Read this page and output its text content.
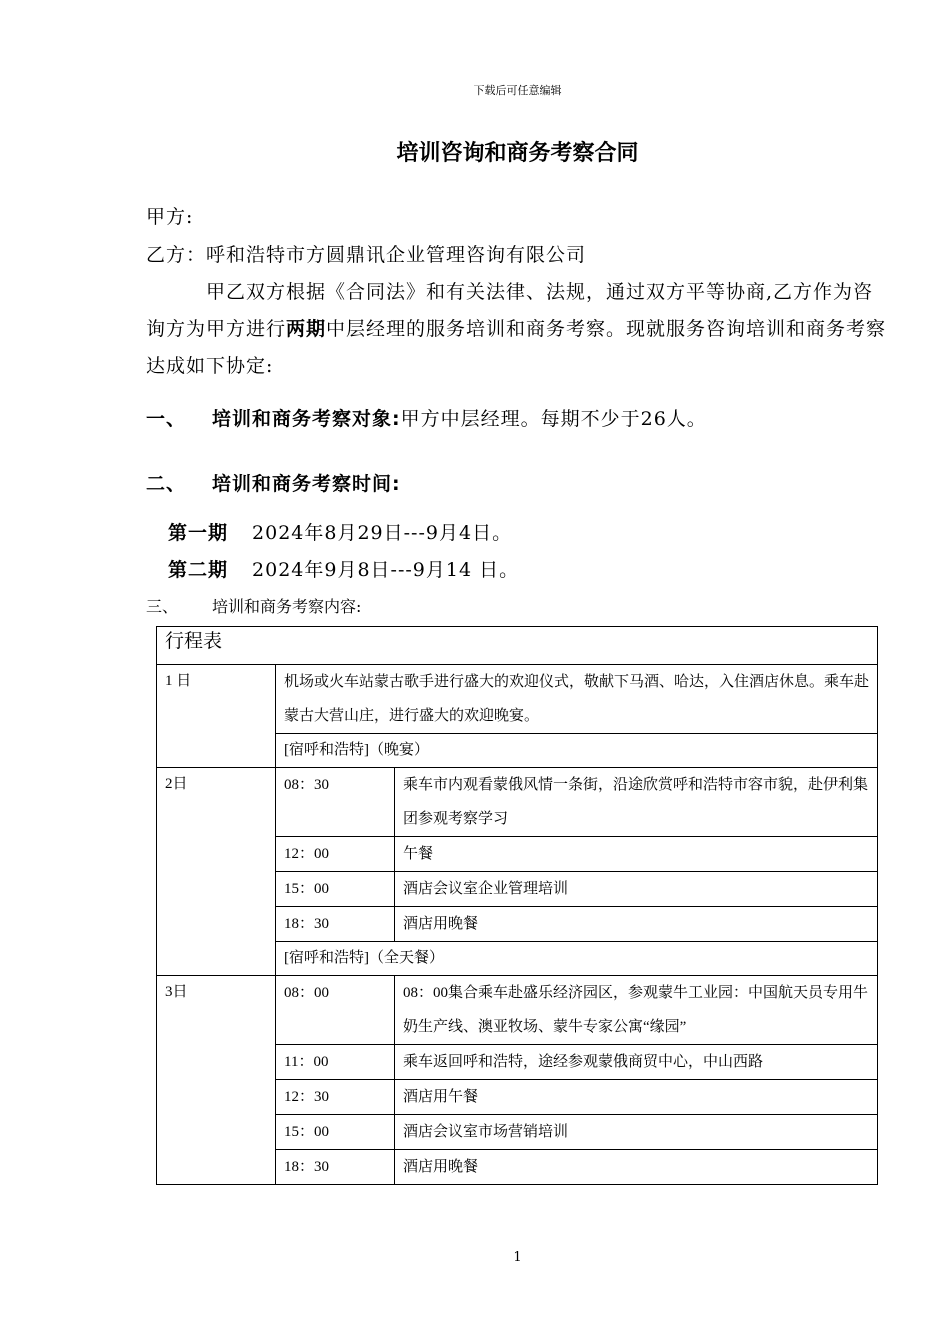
下载后可任意编辑
培训咨询和商务考察合同
甲方:
乙方：呼和浩特市方圆鼎讯企业管理咨询有限公司
甲乙双方根据《合同法》和有关法律、法规，通过双方平等协商,乙方作为咨询方为甲方进行两期中层经理的服务培训和商务考察。现就服务咨询培训和商务考察达成如下协定:
一、 培训和商务考察对象:甲方中层经理。每期不少于26人。
二、 培训和商务考察时间:
第一期 2024年8月29日---9月4日。
第二期 2024年9月8日---9月14 日。
三、 培训和商务考察内容:
行程表		
1 日	机场或火车站蒙古歌手进行盛大的欢迎仪式，敬献下马酒、哈达，入住酒店休息。乘车赴蒙古大营山庄，进行盛大的欢迎晚宴。	
	[宿呼和浩特]（晚宴）	
2日	08：30	乘车市内观看蒙俄风情一条街，沿途欣赏呼和浩特市容市貌，赴伊利集团参观考察学习
	12：00	午餐
	15：00	酒店会议室企业管理培训
	18：30	酒店用晚餐
	[宿呼和浩特]（全天餐）	
3日	08：00	08：00集合乘车赴盛乐经济园区，参观蒙牛工业园：中国航天员专用牛奶生产线、澳亚牧场、蒙牛专家公寓“缘园”
	11：00	乘车返回呼和浩特，途经参观蒙俄商贸中心，中山西路
	12：30	酒店用午餐
	15：00	酒店会议室市场营销培训
	18：30	酒店用晚餐
1
